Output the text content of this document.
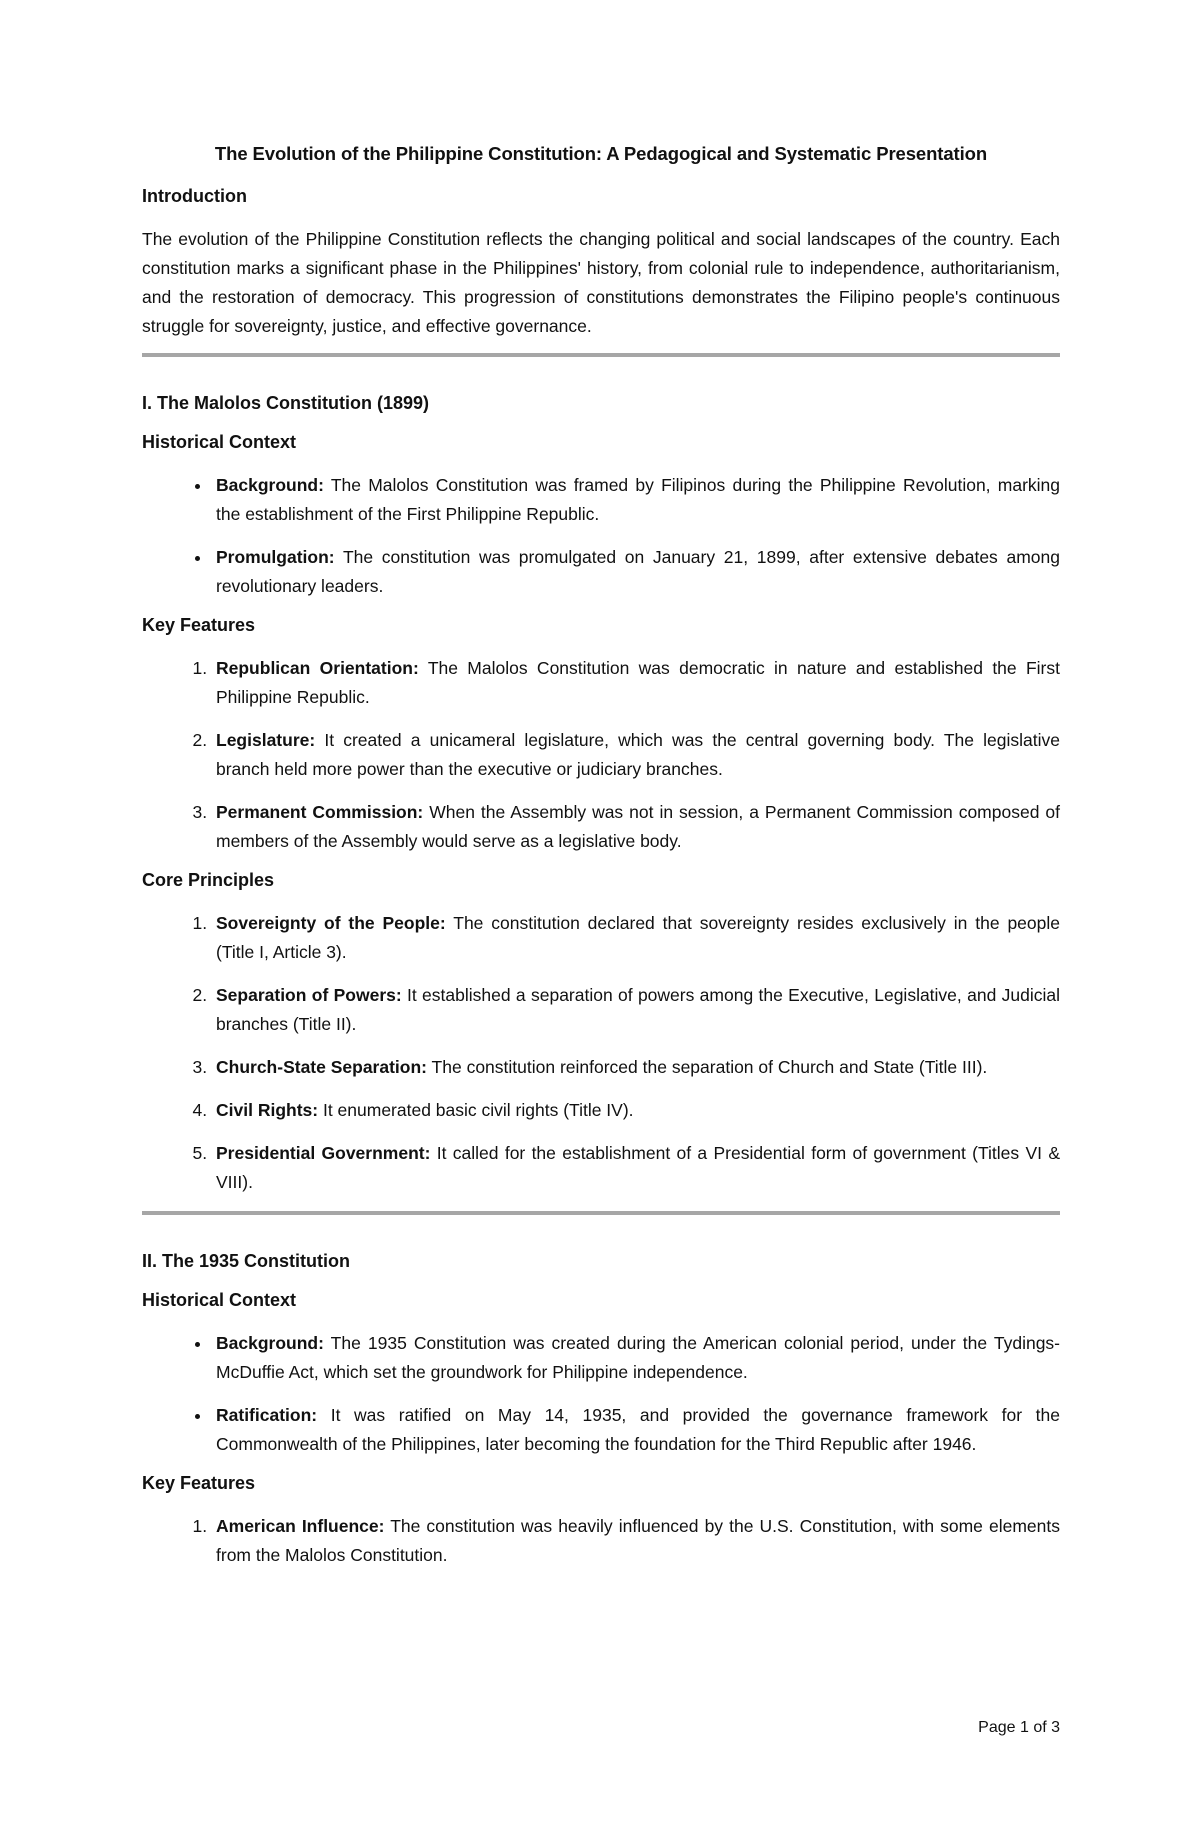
The Evolution of the Philippine Constitution: A Pedagogical and Systematic Presentation
Introduction

The evolution of the Philippine Constitution reflects the changing political and social landscapes of the country. Each constitution marks a significant phase in the Philippines' history, from colonial rule to independence, authoritarianism, and the restoration of democracy. This progression of constitutions demonstrates the Filipino people's continuous struggle for sovereignty, justice, and effective governance.

I. The Malolos Constitution (1899)
Historical Context
• Background: The Malolos Constitution was framed by Filipinos during the Philippine Revolution, marking the establishment of the First Philippine Republic.
• Promulgation: The constitution was promulgated on January 21, 1899, after extensive debates among revolutionary leaders.
Key Features
1. Republican Orientation: The Malolos Constitution was democratic in nature and established the First Philippine Republic.
2. Legislature: It created a unicameral legislature, which was the central governing body. The legislative branch held more power than the executive or judiciary branches.
3. Permanent Commission: When the Assembly was not in session, a Permanent Commission composed of members of the Assembly would serve as a legislative body.
Core Principles
1. Sovereignty of the People: The constitution declared that sovereignty resides exclusively in the people (Title I, Article 3).
2. Separation of Powers: It established a separation of powers among the Executive, Legislative, and Judicial branches (Title II).
3. Church-State Separation: The constitution reinforced the separation of Church and State (Title III).
4. Civil Rights: It enumerated basic civil rights (Title IV).
5. Presidential Government: It called for the establishment of a Presidential form of government (Titles VI & VIII).
II. The 1935 Constitution
Historical Context
• Background: The 1935 Constitution was created during the American colonial period, under the Tydings-McDuffie Act, which set the groundwork for Philippine independence.
• Ratification: It was ratified on May 14, 1935, and provided the governance framework for the Commonwealth of the Philippines, later becoming the foundation for the Third Republic after 1946.
Key Features
1. American Influence: The constitution was heavily influenced by the U.S. Constitution, with some elements from the Malolos Constitution.
Page 1 of 3
